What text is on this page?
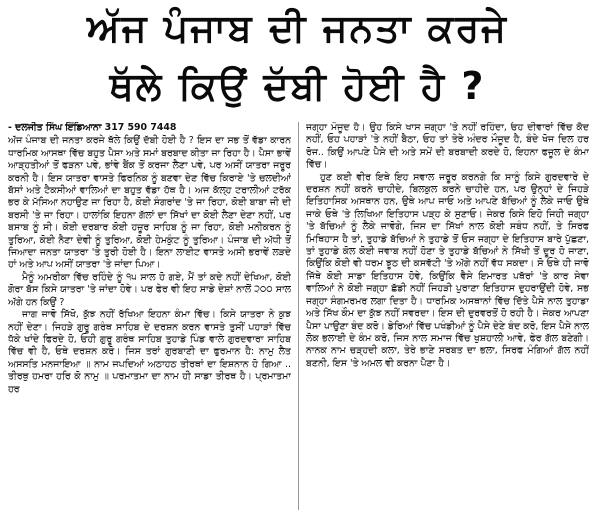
ਅੱਜ ਪੰਜਾਬ ਦੀ ਜਨਤਾ ਕਰਜੇ
ਥੱਲੇ ਕਿਉਂ ਦੱਬੀ ਹੋਈ ਹੈ ?
- ਦਲਜੀਤ ਸਿੰਘ ਇੰਡਿਆਨਾ 317 590 7448

ਅੱਜ ਪੰਜਾਬ ਦੀ ਜਨਤਾ ਕਰਜੇ ਥੱਲੇ ਕਿਉਂ ਦੱਬੀ ਹੋਈ ਹੈ ? ਇਸ ਦਾ ਸਭ ਤੋਂ ਵੱਡਾ ਕਾਰਨ ਧਾਰਮਿਕ ਆਸਥਾ ਵਿੱਚ ਬਹੁਤ ਪੈਸਾ ਅਤੇ ਸਮਾਂ ਬਰਬਾਦ ਕੀਤਾ ਜਾ ਰਿਹਾ ਹੈ। ਪੈਸਾ ਭਾਵੇਂ ਆੜ੍ਹਤੀਆਂ ਤੋਂ ਫੜਨਾ ਪਵੇ, ਭਾਂਵੇ ਬੈਂਕ ਤੋਂ ਕਰਜਾ ਲੈਣਾ ਪਵੇ, ਪਰ ਅਸੀਂ ਯਾਤਰਾ ਜਰੂਰ ਕਰਨੀ ਹੈ। ਇਸ ਯਾਤਰਾ ਵਾਸਤੇ ਫਿਰਨਿਕ ਨੂੰ ਬਣਵਾ ਦੇਣ ਵਿੱਚ ਕਿਰਾਏ 'ਤੇ ਚਲਦੀਆਂ ਬੱਸਾਂ ਅਤੇ ਟੈਕਸੀਆਂ ਵਾਲਿਆਂ ਦਾ ਬਹੁਤ ਵੱਡਾ ਹੱਥ ਹੈ। ਅਜ ਕੱਲ੍ਹ ਟਰਾਲੀਆਂ ਟਰੱਕ ਭਰ ਕੇ ਮੱਸਿਆ ਨਹਾਉਣ ਜਾ ਰਿਹਾ ਹੈ, ਕੋਈ ਸੰਗਰਾਂਦ 'ਤੇ ਜਾ ਰਿਹਾ, ਕੋਈ ਬਾਬਾ ਜੀ ਦੀ ਬਰਸੀ 'ਤੇ ਜਾ ਰਿਹਾ। ਹਾਲਾਂਕਿ ਇਹਨਾ ਗੱਲਾਂ ਦਾ ਸਿੱਖਾਂ ਦਾ ਕੋਈ ਲੈਣਾ ਦੇਣਾ ਨਹੀਂ, ਪਰ ਬਸਾਬ ਨੂੰ ਸੀ। ਕੋਈ ਦਰਬਾਰ ਕੋਈ ਹਜ਼ੂਰ ਸਾਹਿਬ ਨੂੰ ਜਾ ਰਿਹਾ, ਕੋਈ ਮਨੀਕਰਨ ਨੂੰ ਤੁਰਿਆ, ਕੋਈ ਨੈਣਾ ਦੇਵੀ ਨੂੰ ਤੁਰਿਆ, ਕੋਈ ਹੇਮਕੁੰਟ ਨੂੰ ਤੁਰਿਆ। ਪੰਜਾਬ ਦੀ ਅੱਧੀ ਤੋਂ ਜਿਆਦਾ ਜਨਤਾ ਯਾਤਰਾ 'ਤੇ ਤੁਰੀ ਹੋਈ ਹੈ। ਇਨਾ ਲਾਈਟ ਵਾਸਤੇ ਅਸੀ ਭਰਾਵੇਂ ਲੜਦੇ ਹਾਂ ਅਤੇ ਆਪ ਅਸੀਂ ਯਾਤਰਾ 'ਤੇ ਜਾਂਦਾ ਪਿਆ।

ਮੈਨੂੰ ਅਮਰੀਕਾ ਵਿੱਚ ਰਹਿੰਦੇ ਨੂੰ ੧੫ ਸਾਲ ਹੋ ਗਏ, ਮੈਂ ਤਾਂ ਕਦੇ ਨਹੀਂ ਦੇਖਿਆ, ਕੋਈ ਗੋਰਾ ਬੱਸ ਕਿਸੇ ਯਾਤਰਾ 'ਤੇ ਜਾਂਦਾ ਹੋਵੇ। ਪਰ ਫੇਰ ਵੀ ਇਹ ਸਾਡੇ ਦੇਸ਼ਾਂ ਨਾਲੋਂ ੨੦੦ ਸਾਲ ਅੱਗੇ ਹਨ ਕਿਉਂ ?

ਜਾਗ ਜਾਵੋ ਸਿੱਖੋ, ਕੁੱਝ ਨਹੀਂ ਰੱਖਿਆ ਇਹਨਾ ਕੰਮਾ ਵਿੱਚ। ਕਿਸੇ ਯਾਤਰਾ ਨੇ ਕੁਝ ਨਹੀਂ ਦੇਣਾ। ਜਿਹੜੇ ਗੁਰੂ ਗਰੰਥ ਸਾਹਿਬ ਦੇ ਦਰਸ਼ਨ ਕਰਨ ਵਾਸਤੇ ਤੁਸੀਂ ਪਹਾੜਾਂ ਵਿੱਚ ਧੱਕੇ ਖਾਂਦੇ ਫਿਰਦੇ ਹੋ, ਓਹੀ ਗੁਰੂ ਗਰੰਥ ਸਾਹਿਬ ਤੁਹਾਡੇ ਪਿੰਡ ਵਾਲੇ ਗੁਰਦਵਾਰਾ ਸਾਹਿਬ ਵਿੱਚ ਵੀ ਹੈ, ਓਥੇ ਦਰਸ਼ਨ ਕਰੋ। ਜਿਸ ਤਰਾਂ ਗੁਰਬਾਣੀ ਦਾ ਫੁਰਮਾਨ ਹੈ: ਨਾਮੁ ਲੈਤ ਅਸਸਤਿ ਮਨਜਾਇਆ ॥ ਨਾਮ ਜਪਦਿਆਂ ਅਠਾਹਠ ਤੀਰਥਾਂ ਦਾ ਇਸ਼ਨਾਨ ਹੋ ਗਿਆ .. ਤੀਰਥੁ ਹਮਰਾ ਹਰਿ ਕੋ ਨਾਮੁ ॥ ਪਰਮਾਤਮਾ ਦਾ ਨਾਮ ਹੀ ਸਾਡਾ ਤੀਰਥ ਹੈ। ਪ੍ਰਮਾਤਮਾ ਹਰ

ਜਗ੍ਹਾ ਮੌਜੂਦ ਹੈ। ਉਹ ਕਿਸੇ ਖਾਸ ਜਗ੍ਹਾ 'ਤੇ ਨਹੀਂ ਰਹਿੰਦਾ, ਓਹ ਦੀਵਾਰਾਂ ਵਿੱਚ ਕੈਦ ਨਹੀਂ, ਓਹ ਪਹਾੜਾਂ 'ਤੇ ਨਹੀਂ ਬੈਠਾ, ਓਹ ਤਾਂ ਤੇਰੇ ਅੰਦਰ ਮੌਜੂਦ ਹੈ, ਬੰਦੇ ਖੋਜ ਦਿਲ ਹਰ ਰੋਜ.. ਕਿਉਂ ਆਪਣੇ ਪੈਸੇ ਦੀ ਅਤੇ ਸਮੇਂ ਦੀ ਬਰਬਾਦੀ ਕਰਦੇ ਹੋ, ਇਹਨਾ ਫਜੂਲ ਦੇ ਕੰਮਾ ਵਿੱਚ।

ਹੁਣ ਕਈ ਵੀਰ ਇਥੇ ਇਹ ਸਵਾਲ ਜਰੂਰ ਕਰਨਗੇ ਕਿ ਸਾਨੂੰ ਕਿਸੇ ਗੁਰਦਵਾਰੇ ਦੇ ਦਰਸ਼ਨ ਨਹੀਂ ਕਰਨੇ ਚਾਹੀਦੇ, ਬਿਲਕੁਲ ਕਰਨੇ ਚਾਹੀਦੇ ਹਨ, ਪਰ ਉਨ੍ਹਾਂ ਦੇ ਜਿਹੜੇ ਇਤਿਹਾਸਿਕ ਅਸਥਾਨ ਹਨ, ਉਥੇ ਆਪ ਜਾਓ ਅਤੇ ਆਪਣੇ ਬੱਚਿਆਂ ਨੂੰ ਲੈਕੇ ਜਾਓ ਉਥੇ ਜਾਕੇ ਓਥੇ 'ਤੇ ਲਿਖਿਆ ਇਤਿਹਾਸ ਪੜ੍ਹ ਕੇ ਸੁਣਾਓ। ਜੇਕਰ ਕਿਸੇ ਇਹੋ ਜਿਹੀ ਜਗ੍ਹਾ 'ਤੇ ਬੱਚਿਆਂ ਨੂੰ ਲੈਕੇ ਜਾਵੋਗੇ, ਜਿਸ ਦਾ ਸਿੱਖਾਂ ਨਾਲ ਕੋਈ ਸਬੰਧ ਨਹੀਂ, ਤੇ ਸਿਰਫ ਮਿਥਿਹਾਸ ਹੈ ਤਾਂ, ਤੁਹਾਡੇ ਬੱਚਿਆਂ ਨੇ ਤੁਹਾਡੇ ਤੋਂ ਓਸ ਜਗ੍ਹਾ ਦੇ ਇਤਿਹਾਸ ਬਾਰੇ ਪੁੱਛਣਾ, ਤਾਂ ਤੁਹਾਡੇ ਕੋਲ ਕੋਈ ਜਵਾਬ ਨਹੀਂ ਹੋਣਾ ਤੇ ਤੁਹਾਡੇ ਬੱਚਿਆਂ ਨੇ ਸਿੱਖੀ ਤੋਂ ਦੂਰ ਹੋ ਜਾਣਾ, ਕਿਉਂਕਿ ਕੋਈ ਵੀ ਧਰਮ ਝੂਠ ਦੀ ਕਸਵੱਟੀ 'ਤੇ ਅੱਗੇ ਨਹੀਂ ਵੱਧ ਸਕਦਾ। ਸੋ ਓਥੇ ਹੀ ਜਾਵੋ ਜਿੱਥੇ ਕੋਈ ਸਾਡਾ ਇਤਿਹਾਸ ਹੋਵੇ, ਕਿਉਂਕਿ ਵੈਸੇ ਇਮਾਰਤ ਪਥੱਰਾਂ 'ਤੇ ਕਾਰ ਸੇਵਾ ਵਾਲਿਆਂ ਨੇ ਕੋਈ ਜਗ੍ਹਾ ਛੱਡੀ ਨਹੀਂ ਜਿਹੜੀ ਪੁਰਾਣਾ ਇਤਿਹਾਸ ਦੁਹਰਾਉਂਦੀ ਹੋਵੇ, ਸਭ ਜਗ੍ਹਾ ਸੰਗਮਰਮਰ ਲਗਾ ਦਿਤਾ ਹੈ। ਧਾਰਮਿਕ ਅਸਥਾਨਾਂ ਵਿੱਚ ਦਿੱਤੇ ਪੈਸੇ ਨਾਲ ਤੁਹਾਡਾ ਅਤੇ ਸਿੱਖ ਕੌਮ ਦਾ ਕੁੱਝ ਨਹੀਂ ਸਵਰਦਾ। ਇਸ ਦੀ ਦੁਰਵਰਤੋਂ ਹੋ ਰਹੀ ਹੈ। ਜੇਕਰ ਆਪਣਾ ਪੈਸਾ ਪਾਉਣਾ ਬੰਦ ਕਰੋ। ਡੇਰਿਆਂ ਵਿੱਚ ਪਖੰਡੀਆਂ ਨੂੰ ਪੈਸੇ ਦੇਣੇ ਬੰਦ ਕਰੋ, ਇਸ ਪੈਸੇ ਨਾਲ ਲੋਕ ਭਲਾਈ ਦੇ ਕੰਮ ਕਰੋ, ਜਿਸ ਨਾਲ ਸਮਾਜ ਵਿੱਚ ਖੁਸ਼ਹਾਲੀ ਆਵੇ, ਫੇਰ ਗੱਲ ਬਣੇਗੀ। ਨਾਨਕ ਨਾਮ ਚੜ੍ਹਦੀ ਕਲਾ, ਤੇਰੇ ਭਾਣੇ ਸਰਬਤ ਦਾ ਭਲਾ, ਸਿਰਫ ਮੰਗਿਆਂ ਗੱਲ ਨਹੀਂ ਬਣਨੀ, ਇਸ 'ਤੇ ਅਮਲ ਵੀ ਕਰਨਾ ਪੈਣਾ ਹੈ।
